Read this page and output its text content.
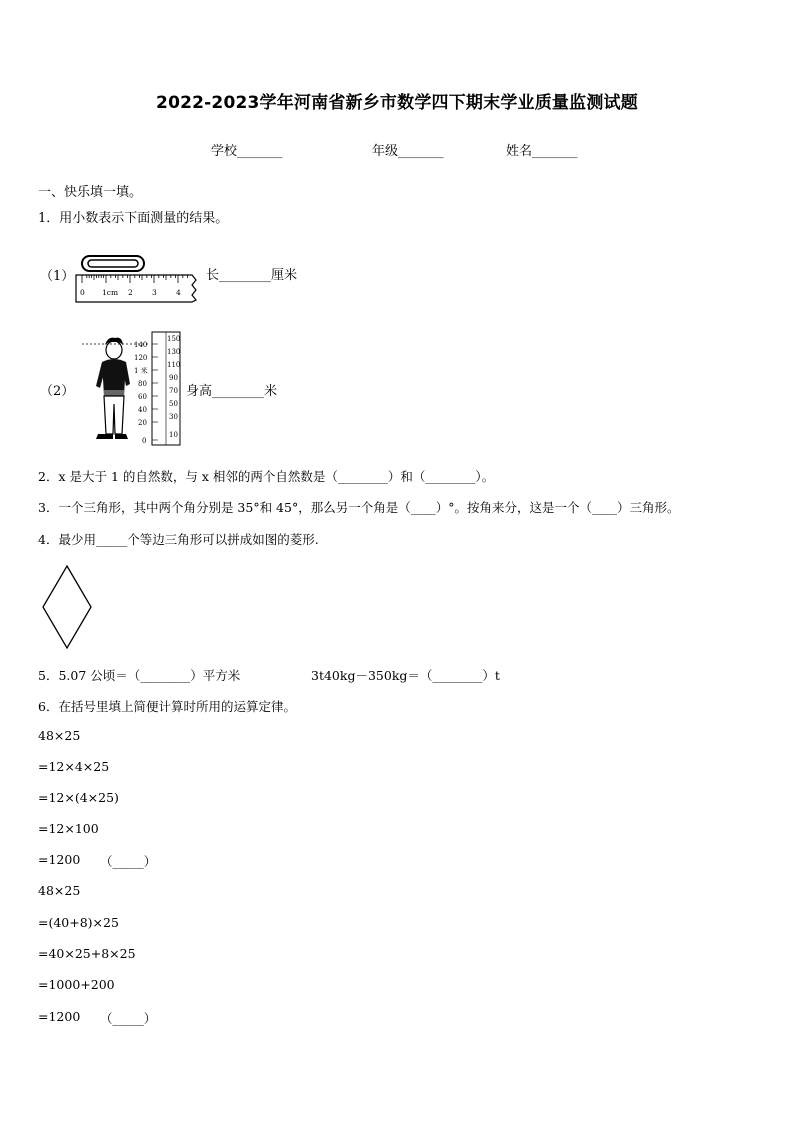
2022-2023学年河南省新乡市数学四下期末学业质量监测试题
学校_______	年级_______	姓名_______
一、快乐填一填。
1．用小数表示下面测量的结果。
（1）
0 1cm 2	3	4
长________厘米
（2）
140
120
1 米
80
60
40
20
0
150
130
110
90
70
50
30
10
身高________米
2．x 是大于 1 的自然数，与 x 相邻的两个自然数是（________）和（________）。
3．一个三角形，其中两个角分别是 35°和 45°，那么另一个角是（____）°。按角来分，这是一个（____）三角形。
4．最少用_____个等边三角形可以拼成如图的菱形.
5．5.07 公顷＝（________）平方米	3t40kg－350kg＝（________）t
6．在括号里填上简便计算时所用的运算定律。
48×25
=12×4×25
=12×(4×25)
=12×100
=1200 （_____）
48×25
=(40+8)×25
=40×25+8×25
=1000+200
=1200 （_____）
